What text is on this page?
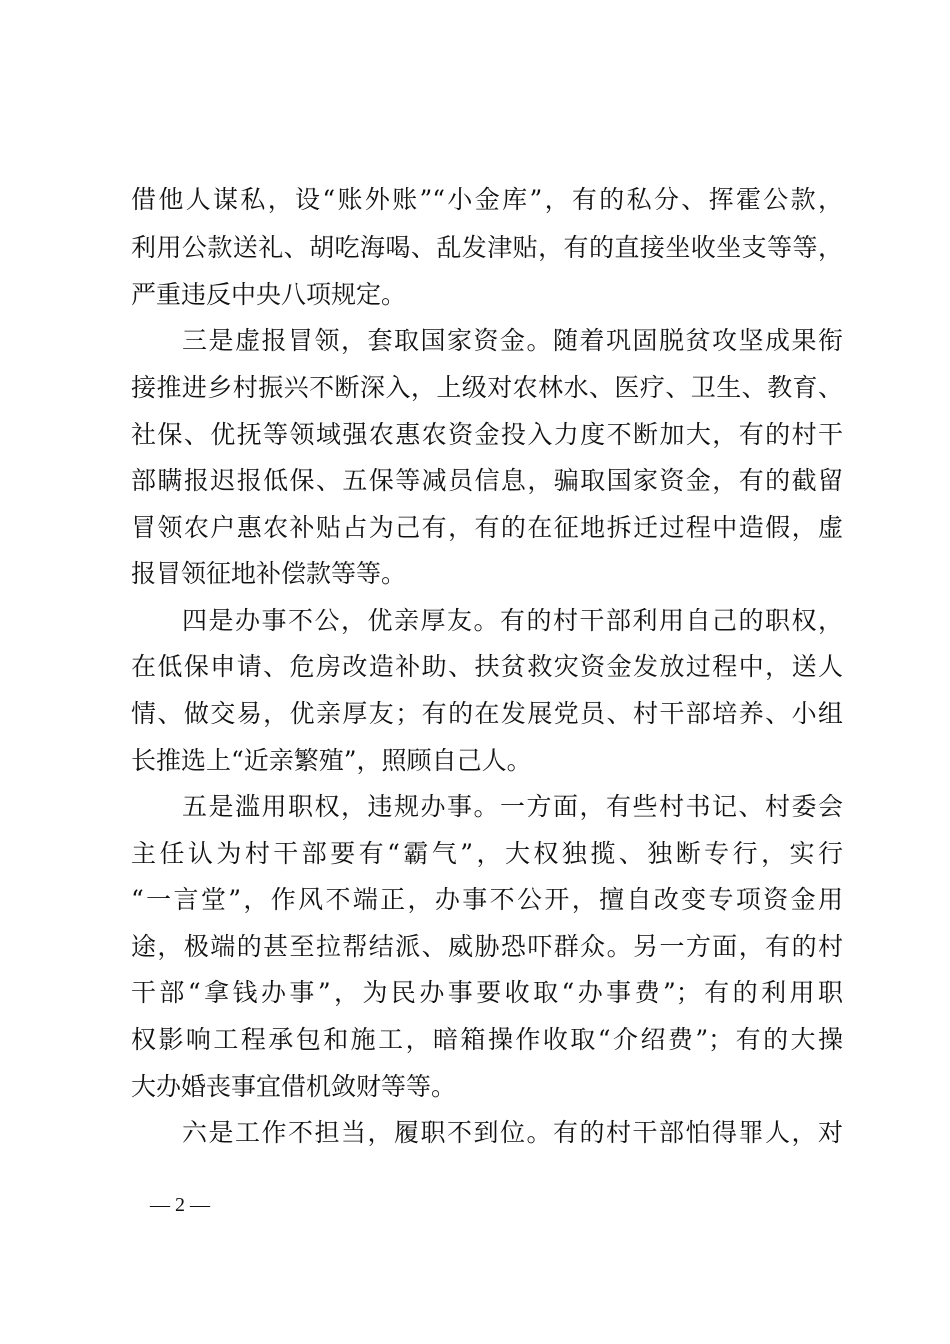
借他人谋私，设“账外账”“小金库”，有的私分、挥霍公款，
利用公款送礼、胡吃海喝、乱发津贴，有的直接坐收坐支等等，
严重违反中央八项规定。
三是虚报冒领，套取国家资金。随着巩固脱贫攻坚成果衔
接推进乡村振兴不断深入，上级对农林水、医疗、卫生、教育、
社保、优抚等领域强农惠农资金投入力度不断加大，有的村干
部瞒报迟报低保、五保等减员信息，骗取国家资金，有的截留
冒领农户惠农补贴占为己有，有的在征地拆迁过程中造假，虚
报冒领征地补偿款等等。
四是办事不公，优亲厚友。有的村干部利用自己的职权，
在低保申请、危房改造补助、扶贫救灾资金发放过程中，送人
情、做交易，优亲厚友；有的在发展党员、村干部培养、小组
长推选上“近亲繁殖”，照顾自己人。
五是滥用职权，违规办事。一方面，有些村书记、村委会
主任认为村干部要有“霸气”，大权独揽、独断专行，实行
“一言堂”，作风不端正，办事不公开，擅自改变专项资金用
途，极端的甚至拉帮结派、威胁恐吓群众。另一方面，有的村
干部“拿钱办事”，为民办事要收取“办事费”；有的利用职
权影响工程承包和施工，暗箱操作收取“介绍费”；有的大操
大办婚丧事宜借机敛财等等。
六是工作不担当，履职不到位。有的村干部怕得罪人，对
— 2 —
